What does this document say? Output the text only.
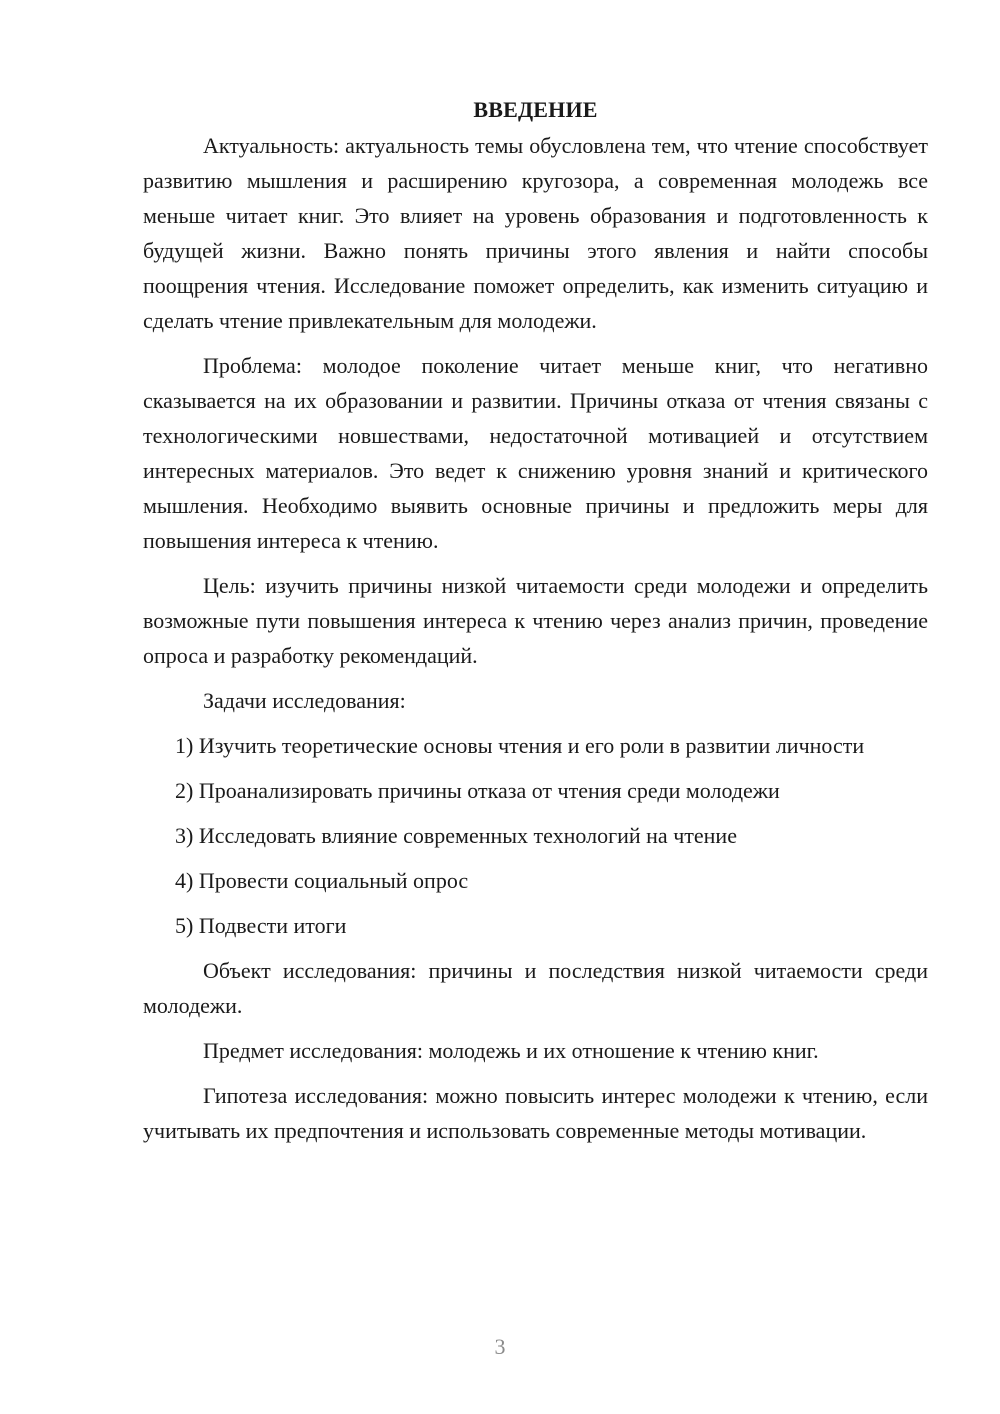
ВВЕДЕНИЕ

Актуальность: актуальность темы обусловлена тем, что чтение способствует развитию мышления и расширению кругозора, а современная молодежь все меньше читает книг. Это влияет на уровень образования и подготовленность к будущей жизни. Важно понять причины этого явления и найти способы поощрения чтения. Исследование поможет определить, как изменить ситуацию и сделать чтение привлекательным для молодежи.

Проблема: молодое поколение читает меньше книг, что негативно сказывается на их образовании и развитии. Причины отказа от чтения связаны с технологическими новшествами, недостаточной мотивацией и отсутствием интересных материалов. Это ведет к снижению уровня знаний и критического мышления. Необходимо выявить основные причины и предложить меры для повышения интереса к чтению.

Цель: изучить причины низкой читаемости среди молодежи и определить возможные пути повышения интереса к чтению через анализ причин, проведение опроса и разработку рекомендаций.

Задачи исследования:

1) Изучить теоретические основы чтения и его роли в развитии личности

2) Проанализировать причины отказа от чтения среди молодежи

3) Исследовать влияние современных технологий на чтение

4) Провести социальный опрос

5) Подвести итоги

Объект исследования: причины и последствия низкой читаемости среди молодежи.

Предмет исследования: молодежь и их отношение к чтению книг.

Гипотеза исследования: можно повысить интерес молодежи к чтению, если учитывать их предпочтения и использовать современные методы мотивации.

3
